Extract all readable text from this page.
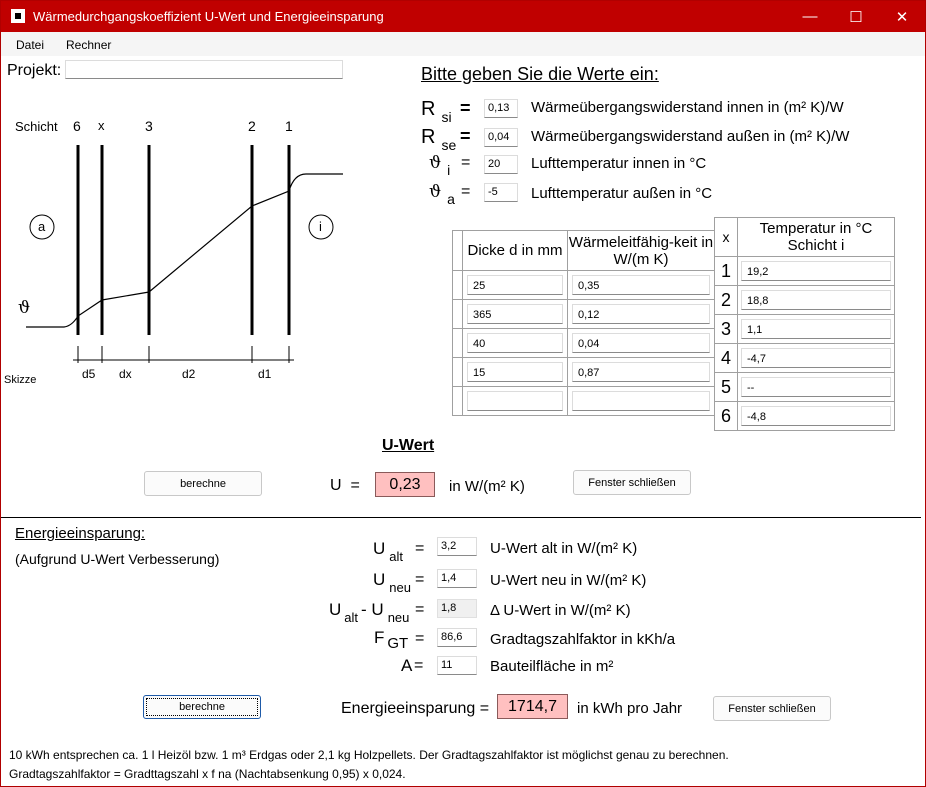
Wärmedurchgangskoeffizient U-Wert und Energieeinsparung	—	☐	✕
Datei Rechner
Projekt:
Schicht 6 x	3	2 1
a	i
ϑ
d5 dx	d2	d1
Skizze
Bitte geben Sie die Werte ein:
R $_{si}$ =	0,13	Wärmeübergangswiderstand innen in (m² K)/W
R $_{se}$ =	0,04	Wärmeübergangswiderstand außen in (m² K)/W
ϑ $_i$ =	20	Lufttemperatur innen in °C
ϑ $_a$ =	-5	Lufttemperatur außen in °C
	Dicke d in mm	Wärmeleitfähig-keit in W/(m K)

	25	0,35

	365	0,12

	40	0,04

	15	0,87

x	Temperatur in °C Schicht i
1	19,2

2	18,8

3	1,1

4	-4,7

5	--

6	-4,8
U-Wert
berechne	U  =	0,23	in W/(m² K)	Fenster schließen
Energieeinsparung:
(Aufgrund U-Wert Verbesserung)
U $_{alt}$ =	3,2	U-Wert alt in W/(m² K)
U $_{neu}$ =	1,4	U-Wert neu in W/(m² K)
U $_{alt}$ - U $_{neu}$ =	1,8	Δ U-Wert in W/(m² K)
F GT =	86,6	Gradtagszahlfaktor in kKh/a
A =	11	Bauteilfläche in m²
berechne	Energieeinsparung =	1714,7	in kWh pro Jahr	Fenster schließen
10 kWh entsprechen ca. 1 l Heizöl bzw. 1 m³ Erdgas oder 2,1 kg Holzpellets. Der Gradtagszahlfaktor ist möglichst genau zu berechnen.
Gradtagszahlfaktor = Gradttagszahl x f na (Nachtabsenkung 0,95) x 0,024.
